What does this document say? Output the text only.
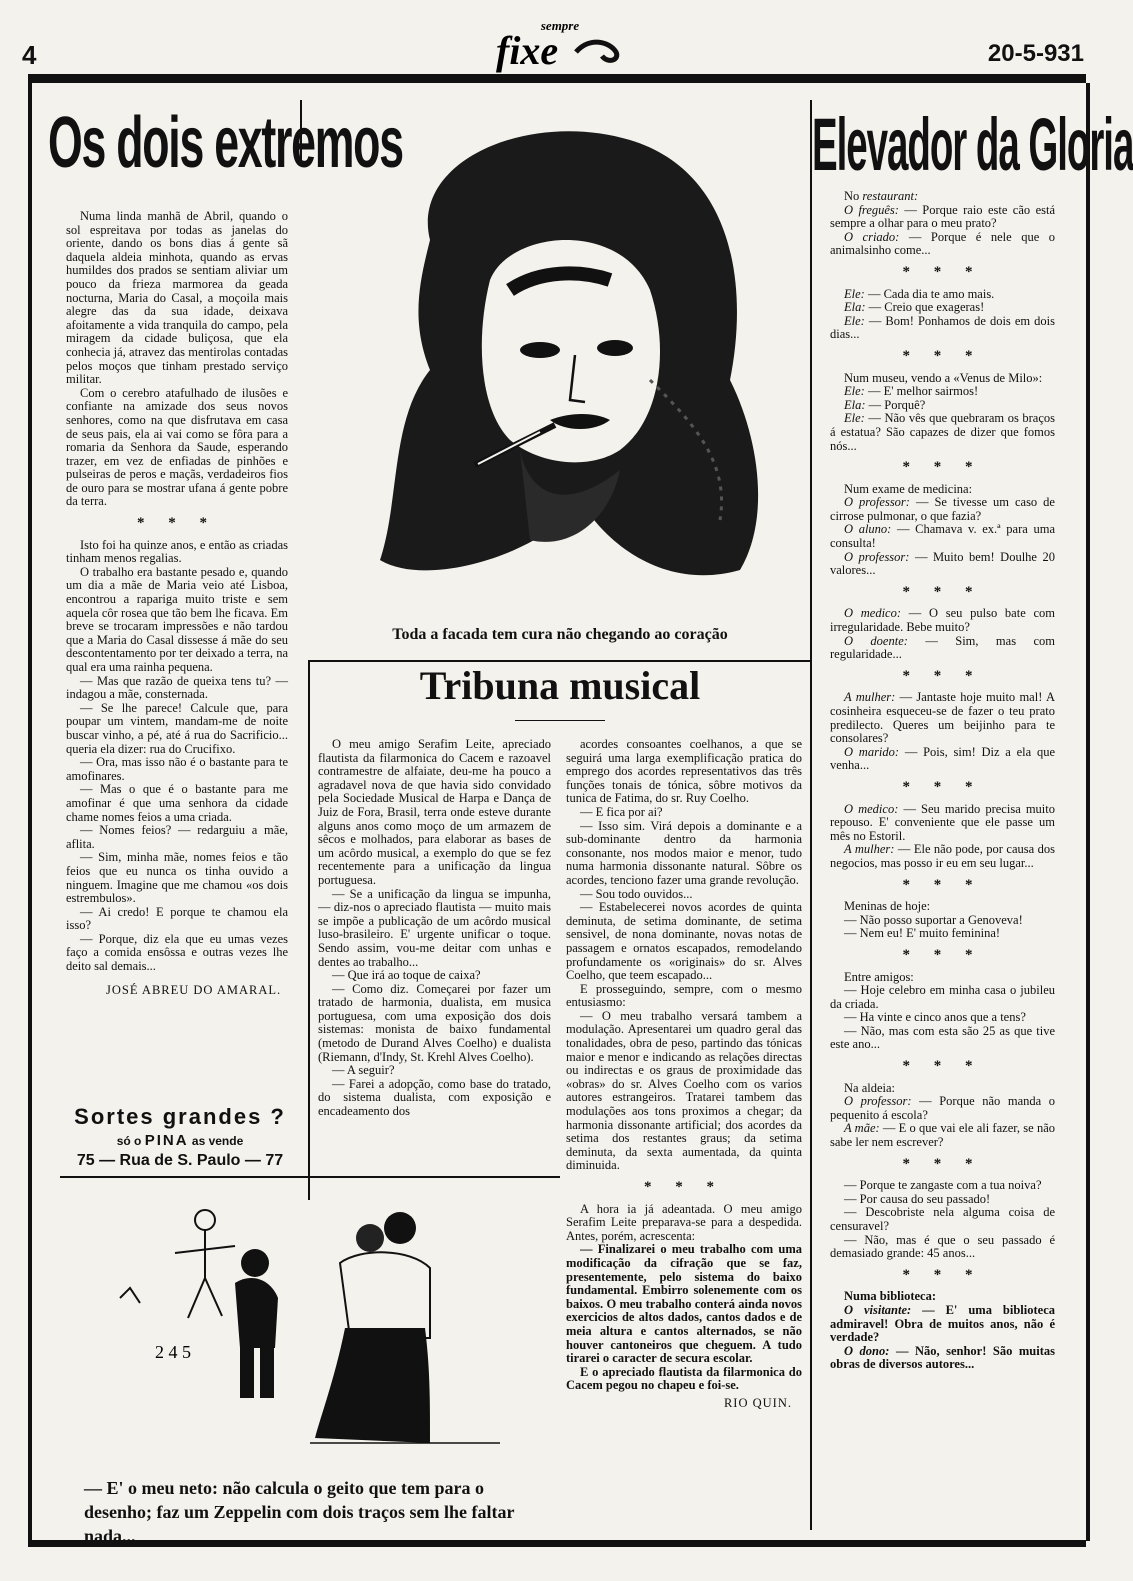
4
sempre
fixe	20-5-931
Os dois extremos

Numa linda manhã de Abril, quando o sol espreitava por todas as janelas do oriente, dando os bons dias á gente sã daquela aldeia minhota, quando as ervas humildes dos prados se sentiam aliviar um pouco da frieza marmorea da geada nocturna, Maria do Casal, a moçoila mais alegre das da sua idade, deixava afoitamente a vida tranquila do campo, pela miragem da cidade buliçosa, que ela conhecia já, atravez das mentirolas contadas pelos moços que tinham prestado serviço militar.

Com o cerebro atafulhado de ilusões e confiante na amizade dos seus novos senhores, como na que disfrutava em casa de seus pais, ela ai vai como se fôra para a romaria da Senhora da Saude, esperando trazer, em vez de enfiadas de pinhões e pulseiras de peros e maçãs, verdadeiros fios de ouro para se mostrar ufana á gente pobre da terra.

* * *

Isto foi ha quinze anos, e então as criadas tinham menos regalias.

O trabalho era bastante pesado e, quando um dia a mãe de Maria veio até Lisboa, encontrou a rapariga muito triste e sem aquela côr rosea que tão bem lhe ficava. Em breve se trocaram impressões e não tardou que a Maria do Casal dissesse á mãe do seu descontentamento por ter deixado a terra, na qual era uma rainha pequena.

— Mas que razão de queixa tens tu? — indagou a mãe, consternada.

— Se lhe parece! Calcule que, para poupar um vintem, mandam-me de noite buscar vinho, a pé, até á rua do Sacrificio... queria ela dizer: rua do Crucifixo.

— Ora, mas isso não é o bastante para te amofinares.

— Mas o que é o bastante para me amofinar é que uma senhora da cidade chame nomes feios a uma criada.

— Nomes feios? — redarguiu a mãe, aflita.

— Sim, minha mãe, nomes feios e tão feios que eu nunca os tinha ouvido a ninguem. Imagine que me chamou «os dois estrembulos».

— Ai credo! E porque te chamou ela isso?

— Porque, diz ela que eu umas vezes faço a comida ensôssa e outras vezes lhe deito sal demais...

JOSÉ ABREU DO AMARAL.
Sortes grandes ?
só o PINA as vende
75 — Rua de S. Paulo — 77
Toda a facada tem cura não chegando ao coração
Tribuna musical

O meu amigo Serafim Leite, apreciado flautista da filarmonica do Cacem e razoavel contramestre de alfaiate, deu-me ha pouco a agradavel nova de que havia sido convidado pela Sociedade Musical de Harpa e Dança de Juiz de Fora, Brasil, terra onde esteve durante alguns anos como moço de um armazem de sêcos e molhados, para elaborar as bases de um acôrdo musical, a exemplo do que se fez recentemente para a unificação da lingua portuguesa.

— Se a unificação da lingua se impunha, — diz-nos o apreciado flautista — muito mais se impõe a publicação de um acôrdo musical luso-brasileiro. E' urgente unificar o toque. Sendo assim, vou-me deitar com unhas e dentes ao trabalho...

— Que irá ao toque de caixa?

— Como diz. Começarei por fazer um tratado de harmonia, dualista, em musica portuguesa, com uma exposição dos dois sistemas: monista de baixo fundamental (metodo de Durand Alves Coelho) e dualista (Riemann, d'Indy, St. Krehl Alves Coelho).

— A seguir?

— Farei a adopção, como base do tratado, do sistema dualista, com exposição e encadeamento dos

acordes consoantes coelhanos, a que se seguirá uma larga exemplificação pratica do emprego dos acordes representativos das três funções tonais de tónica, sôbre motivos da tunica de Fatima, do sr. Ruy Coelho.

— E fica por ai?

— Isso sim. Virá depois a dominante e a sub-dominante dentro da harmonia consonante, nos modos maior e menor, tudo numa harmonia dissonante natural. Sôbre os acordes, tenciono fazer uma grande revolução.

— Sou todo ouvidos...

— Estabelecerei novos acordes de quinta deminuta, de setima dominante, de setima sensivel, de nona dominante, novas notas de passagem e ornatos escapados, remodelando profundamente os «originais» do sr. Alves Coelho, que teem escapado...

E prosseguindo, sempre, com o mesmo entusiasmo:

— O meu trabalho versará tambem a modulação. Apresentarei um quadro geral das tonalidades, obra de peso, partindo das tónicas maior e menor e indicando as relações directas ou indirectas e os graus de proximidade das «obras» do sr. Alves Coelho com os varios autores estrangeiros. Tratarei tambem das modulações aos tons proximos a chegar; da harmonia dissonante artificial; dos acordes da setima dos restantes graus; da setima deminuta, da sexta aumentada, da quinta diminuida.

* * *

A hora ia já adeantada. O meu amigo Serafim Leite preparava-se para a despedida. Antes, porém, acrescenta:

— Finalizarei o meu trabalho com uma modificação da cifração que se faz, presentemente, pelo sistema do baixo fundamental. Embirro solenemente com os baixos. O meu trabalho conterá ainda novos exercicios de altos dados, cantos dados e de meia altura e cantos alternados, se não houver cantoneiros que cheguem. A tudo tirarei o caracter de secura escolar.

E o apreciado flautista da filarmonica do Cacem pegou no chapeu e foi-se.

RIO QUIN.
2 4 5
— E' o meu neto: não calcula o geito que tem para o desenho; faz um Zeppelin com dois traços sem lhe faltar nada...
Elevador da Gloria

No restaurant:

O freguês: — Porque raio este cão está sempre a olhar para o meu prato?

O criado: — Porque é nele que o animalsinho come...

* * *

Ele: — Cada dia te amo mais.

Ela: — Creio que exageras!

Ele: — Bom! Ponhamos de dois em dois dias...

* * *

Num museu, vendo a «Venus de Milo»:

Ele: — E' melhor sairmos!

Ela: — Porquê?

Ele: — Não vês que quebraram os braços á estatua? São capazes de dizer que fomos nós...

* * *

Num exame de medicina:

O professor: — Se tivesse um caso de cirrose pulmonar, o que fazia?

O aluno: — Chamava v. ex.ª para uma consulta!

O professor: — Muito bem! Doulhe 20 valores...

* * *

O medico: — O seu pulso bate com irregularidade. Bebe muito?

O doente: — Sim, mas com regularidade...

* * *

A mulher: — Jantaste hoje muito mal! A cosinheira esqueceu-se de fazer o teu prato predilecto. Queres um beijinho para te consolares?

O marido: — Pois, sim! Diz a ela que venha...

* * *

O medico: — Seu marido precisa muito repouso. E' conveniente que ele passe um mês no Estoril.

A mulher: — Ele não pode, por causa dos negocios, mas posso ir eu em seu lugar...

* * *

Meninas de hoje:

— Não posso suportar a Genoveva!

— Nem eu! E' muito feminina!

* * *

Entre amigos:

— Hoje celebro em minha casa o jubileu da criada.

— Ha vinte e cinco anos que a tens?

— Não, mas com esta são 25 as que tive este ano...

* * *

Na aldeia:

O professor: — Porque não manda o pequenito á escola?

A mãe: — E o que vai ele ali fazer, se não sabe ler nem escrever?

* * *

— Porque te zangaste com a tua noiva?

— Por causa do seu passado!

— Descobriste nela alguma coisa de censuravel?

— Não, mas é que o seu passado é demasiado grande: 45 anos...

* * *

Numa biblioteca:

O visitante: — E' uma biblioteca admiravel! Obra de muitos anos, não é verdade?

O dono: — Não, senhor! São muitas obras de diversos autores...
